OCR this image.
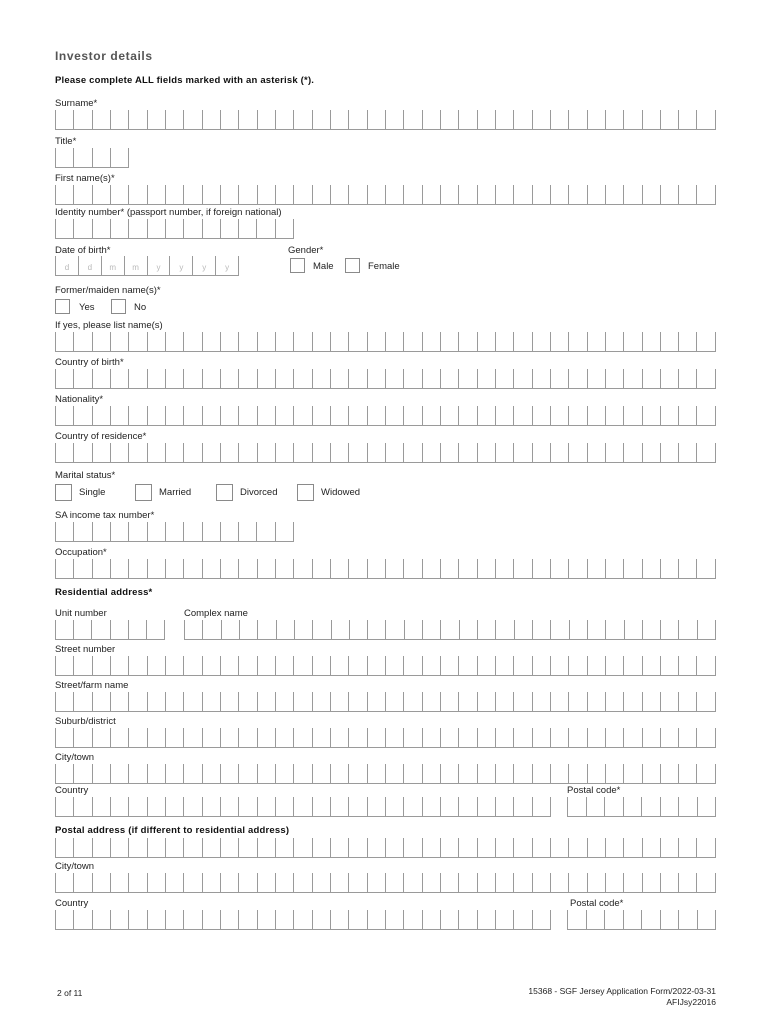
Investor details
Please complete ALL fields marked with an asterisk (*).
Surname*
Title*
First name(s)*
Identity number* (passport number, if foreign national)
Date of birth*
d	d	m	m	y	y	y	y
Gender*
Male	Female
Former/maiden name(s)*
Yes	No
If yes, please list name(s)
Country of birth*
Nationality*
Country of residence*
Marital status*
Single	Married	Divorced	Widowed
SA income tax number*
Occupation*
Residential address*
Unit number	Complex name
Street number
Street/farm name
Suburb/district
City/town
Country	Postal code*
Postal address (if different to residential address)
City/town
Country	Postal code*
2 of 11	15368 - SGF Jersey Application Form/2022-03-31
AFIJsy22016
